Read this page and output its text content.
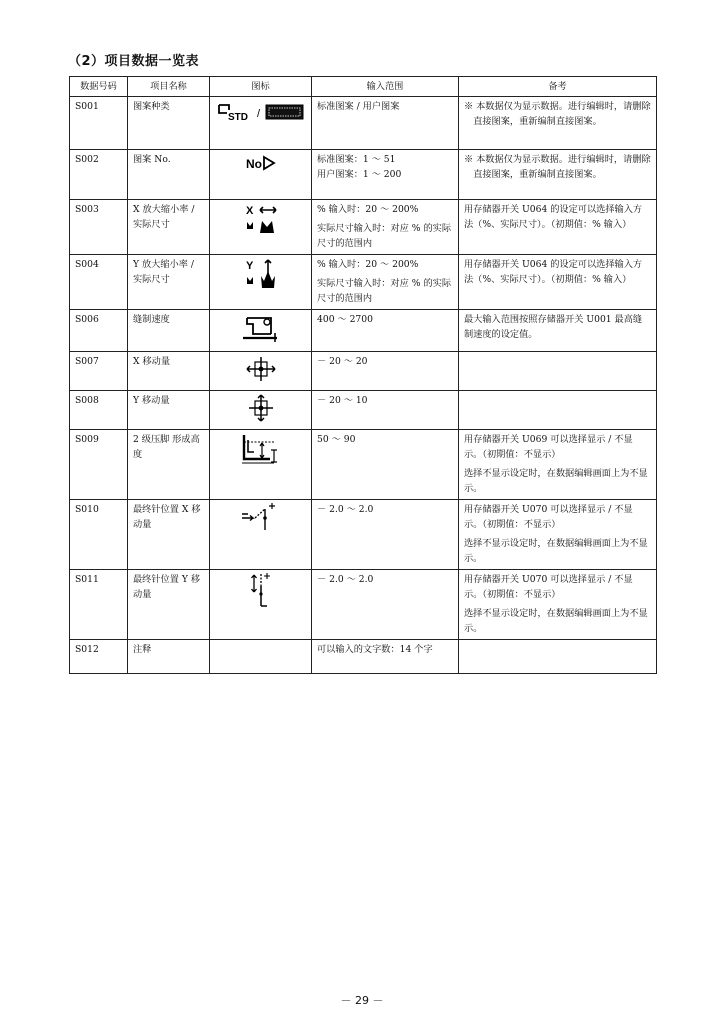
（2）项目数据一览表
数据号码	项目名称	图标	输入范围	备考
S001	图案种类	STD /	标准图案 / 用户图案	※ 本数据仅为显示数据。进行编辑时，请删除直接图案，重新编制直接图案。

S002	图案 No.	No	标准图案：1 ～ 51
用户图案：1 ～ 200	※ 本数据仅为显示数据。进行编辑时，请删除直接图案，重新编制直接图案。

S003	X 放大缩小率 / 实际尺寸	X	% 输入时：20 ～ 200%
实际尺寸输入时：对应 % 的实际尺寸的范围内	用存储器开关 U064 的设定可以选择输入方法（%、实际尺寸）。（初期值：% 输入）

S004	Y 放大缩小率 / 实际尺寸	Y	% 输入时：20 ～ 200%
实际尺寸输入时：对应 % 的实际尺寸的范围内	用存储器开关 U064 的设定可以选择输入方法（%、实际尺寸）。（初期值：% 输入）

S006	缝制速度		400 ～ 2700	最大输入范围按照存储器开关 U001 最高缝制速度的设定值。

S007	X 移动量		－ 20 ～ 20	

S008	Y 移动量		－ 20 ～ 10	

S009	2 级压脚 形成高度		50 ～ 90	用存储器开关 U069 可以选择显示 / 不显示。（初期值：不显示）
选择不显示设定时，在数据编辑画面上为不显示。

S010	最终针位置 X 移动量		－ 2.0 ～ 2.0	用存储器开关 U070 可以选择显示 / 不显示。（初期值：不显示）
选择不显示设定时，在数据编辑画面上为不显示。

S011	最终针位置 Y 移动量		－ 2.0 ～ 2.0	用存储器开关 U070 可以选择显示 / 不显示。（初期值：不显示）
选择不显示设定时，在数据编辑画面上为不显示。

S012	注释		可以输入的文字数：14 个字	

－ 29 －
